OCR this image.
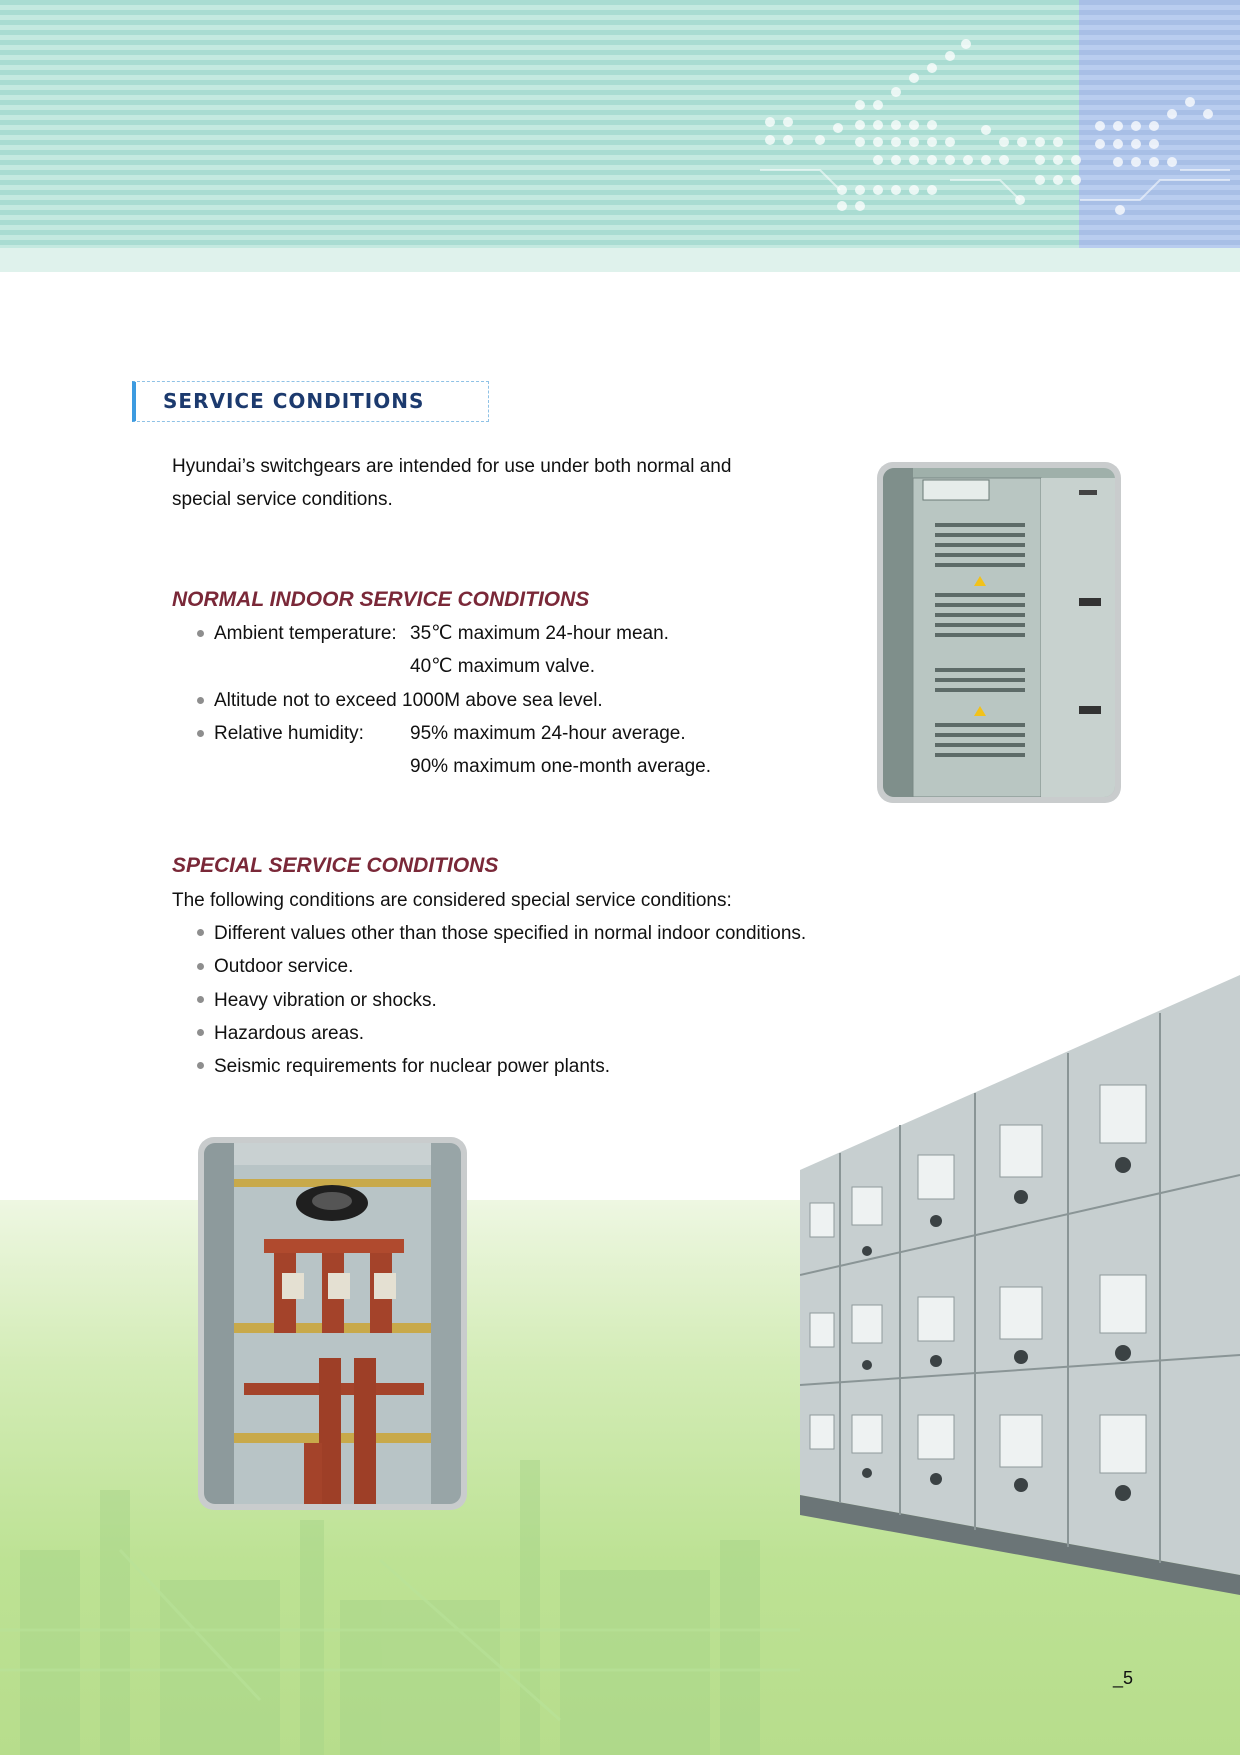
SERVICE CONDITIONS
Hyundai’s switchgears are intended for use under both normal and
special service conditions.
NORMAL INDOOR SERVICE CONDITIONS
Ambient temperature: 35℃ maximum 24-hour mean.
40℃ maximum valve.
Altitude not to exceed 1000M above sea level.
Relative humidity: 95% maximum 24-hour average.
90% maximum one-month average.
SPECIAL SERVICE CONDITIONS
The following conditions are considered special service conditions:
Different values other than those specified in normal indoor conditions.
Outdoor service.
Heavy vibration or shocks.
Hazardous areas.
Seismic requirements for nuclear power plants.
_5
